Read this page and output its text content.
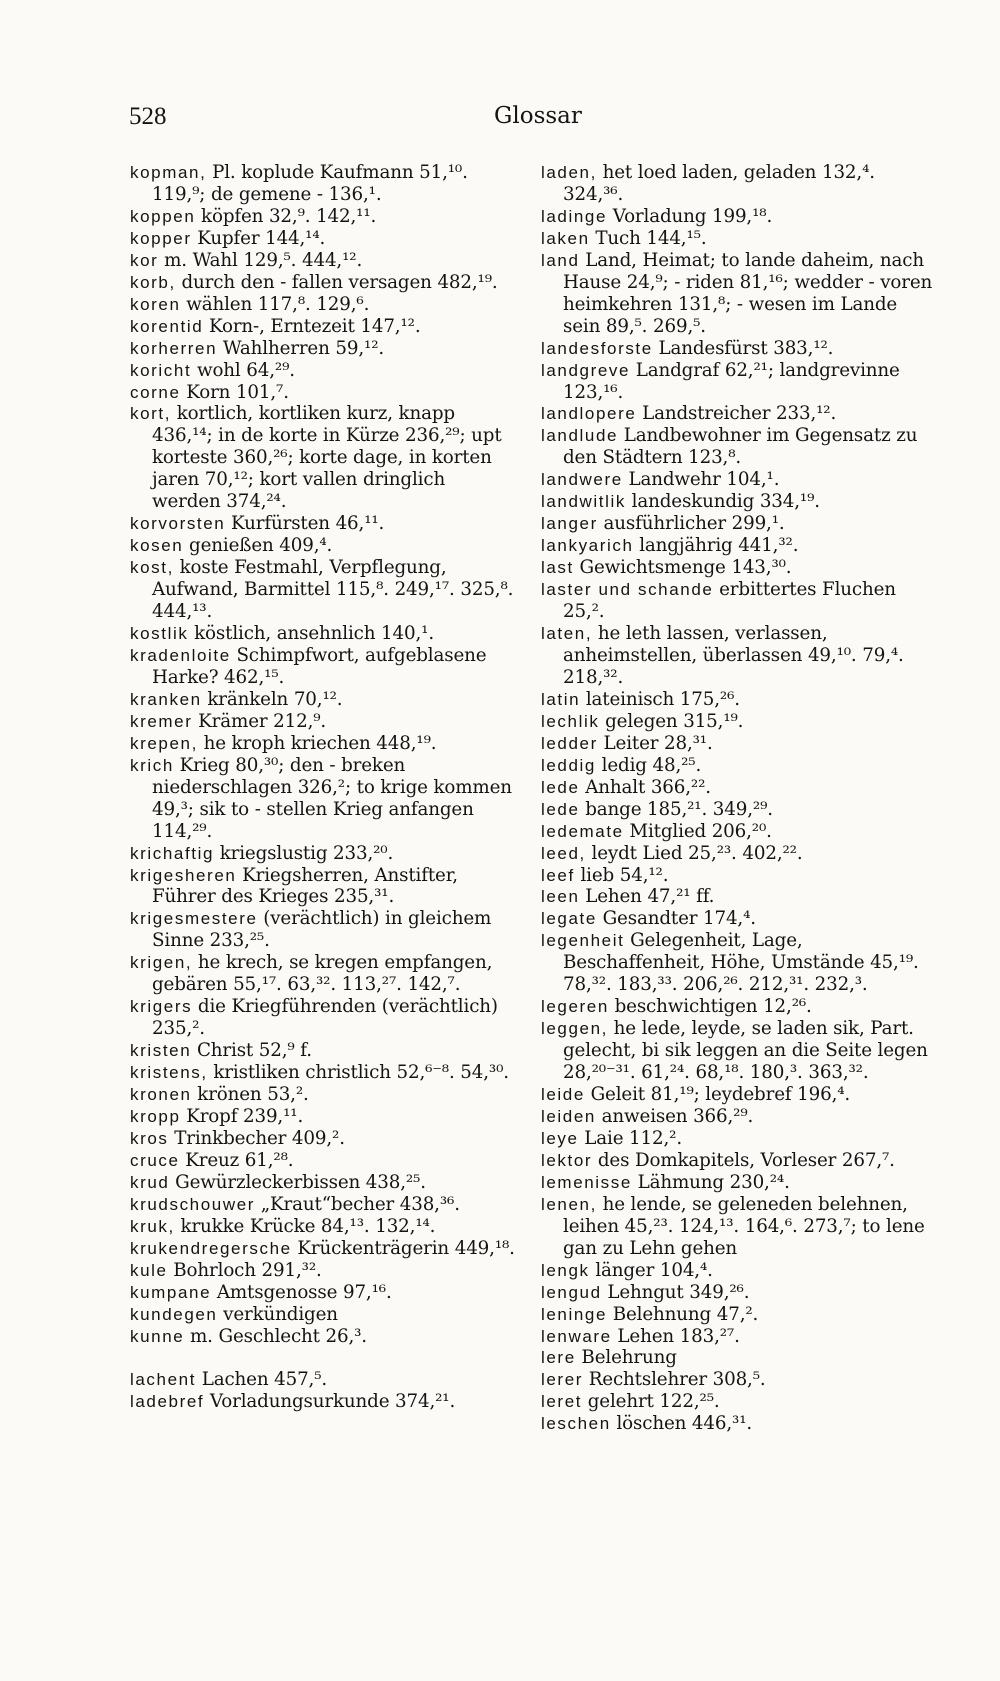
528	Glossar

kopman, Pl. koplude Kaufmann 51,¹⁰. 119,⁹; de gemene - 136,¹.

koppen köpfen 32,⁹. 142,¹¹.

kopper Kupfer 144,¹⁴.

kor m. Wahl 129,⁵. 444,¹².

korb, durch den - fallen versagen 482,¹⁹.

koren wählen 117,⁸. 129,⁶.

korentid Korn-, Erntezeit 147,¹².

korherren Wahlherren 59,¹².

koricht wohl 64,²⁹.

corne Korn 101,⁷.

kort, kortlich, kortliken kurz, knapp 436,¹⁴; in de korte in Kürze 236,²⁹; upt korteste 360,²⁶; korte dage, in korten jaren 70,¹²; kort vallen dringlich werden 374,²⁴.

korvorsten Kurfürsten 46,¹¹.

kosen genießen 409,⁴.

kost, koste Festmahl, Verpflegung, Aufwand, Barmittel 115,⁸. 249,¹⁷. 325,⁸. 444,¹³.

kostlik köstlich, ansehnlich 140,¹.

kradenloite Schimpfwort, aufgeblasene Harke? 462,¹⁵.

kranken kränkeln 70,¹².

kremer Krämer 212,⁹.

krepen, he kroph kriechen 448,¹⁹.

krich Krieg 80,³⁰; den - breken niederschlagen 326,²; to krige kommen 49,³; sik to - stellen Krieg anfangen 114,²⁹.

krichaftig kriegslustig 233,²⁰.

krigesheren Kriegsherren, Anstifter, Führer des Krieges 235,³¹.

krigesmestere (verächtlich) in gleichem Sinne 233,²⁵.

krigen, he krech, se kregen empfangen, gebären 55,¹⁷. 63,³². 113,²⁷. 142,⁷.

krigers die Kriegführenden (verächtlich) 235,².

kristen Christ 52,⁹ f.

kristens, kristliken christlich 52,⁶⁻⁸. 54,³⁰.

kronen krönen 53,².

kropp Kropf 239,¹¹.

kros Trinkbecher 409,².

cruce Kreuz 61,²⁸.

krud Gewürzleckerbissen 438,²⁵.

krudschouwer „Kraut“becher 438,³⁶.

kruk, krukke Krücke 84,¹³. 132,¹⁴.

krukendregersche Krückenträgerin 449,¹⁸.

kule Bohrloch 291,³².

kumpane Amtsgenosse 97,¹⁶.

kundegen verkündigen

kunne m. Geschlecht 26,³.

lachent Lachen 457,⁵.

ladebref Vorladungsurkunde 374,²¹.

laden, het loed laden, geladen 132,⁴. 324,³⁶.

ladinge Vorladung 199,¹⁸.

laken Tuch 144,¹⁵.

land Land, Heimat; to lande daheim, nach Hause 24,⁹; - riden 81,¹⁶; wedder - voren heimkehren 131,⁸; - wesen im Lande sein 89,⁵. 269,⁵.

landesforste Landesfürst 383,¹².

landgreve Landgraf 62,²¹; landgrevinne 123,¹⁶.

landlopere Landstreicher 233,¹².

landlude Landbewohner im Gegensatz zu den Städtern 123,⁸.

landwere Landwehr 104,¹.

landwitlik landeskundig 334,¹⁹.

langer ausführlicher 299,¹.

lankyarich langjährig 441,³².

last Gewichtsmenge 143,³⁰.

laster und schande erbittertes Fluchen 25,².

laten, he leth lassen, verlassen, anheimstellen, überlassen 49,¹⁰. 79,⁴. 218,³².

latin lateinisch 175,²⁶.

lechlik gelegen 315,¹⁹.

ledder Leiter 28,³¹.

leddig ledig 48,²⁵.

lede Anhalt 366,²².

lede bange 185,²¹. 349,²⁹.

ledemate Mitglied 206,²⁰.

leed, leydt Lied 25,²³. 402,²².

leef lieb 54,¹².

leen Lehen 47,²¹ ff.

legate Gesandter 174,⁴.

legenheit Gelegenheit, Lage, Beschaffenheit, Höhe, Umstände 45,¹⁹. 78,³². 183,³³. 206,²⁶. 212,³¹. 232,³.

legeren beschwichtigen 12,²⁶.

leggen, he lede, leyde, se laden sik, Part. gelecht, bi sik leggen an die Seite legen 28,²⁰⁻³¹. 61,²⁴. 68,¹⁸. 180,³. 363,³².

leide Geleit 81,¹⁹; leydebref 196,⁴.

leiden anweisen 366,²⁹.

leye Laie 112,².

lektor des Domkapitels, Vorleser 267,⁷.

lemenisse Lähmung 230,²⁴.

lenen, he lende, se geleneden belehnen, leihen 45,²³. 124,¹³. 164,⁶. 273,⁷; to lene gan zu Lehn gehen

lengk länger 104,⁴.

lengud Lehngut 349,²⁶.

leninge Belehnung 47,².

lenware Lehen 183,²⁷.

lere Belehrung

lerer Rechtslehrer 308,⁵.

leret gelehrt 122,²⁵.

leschen löschen 446,³¹.
